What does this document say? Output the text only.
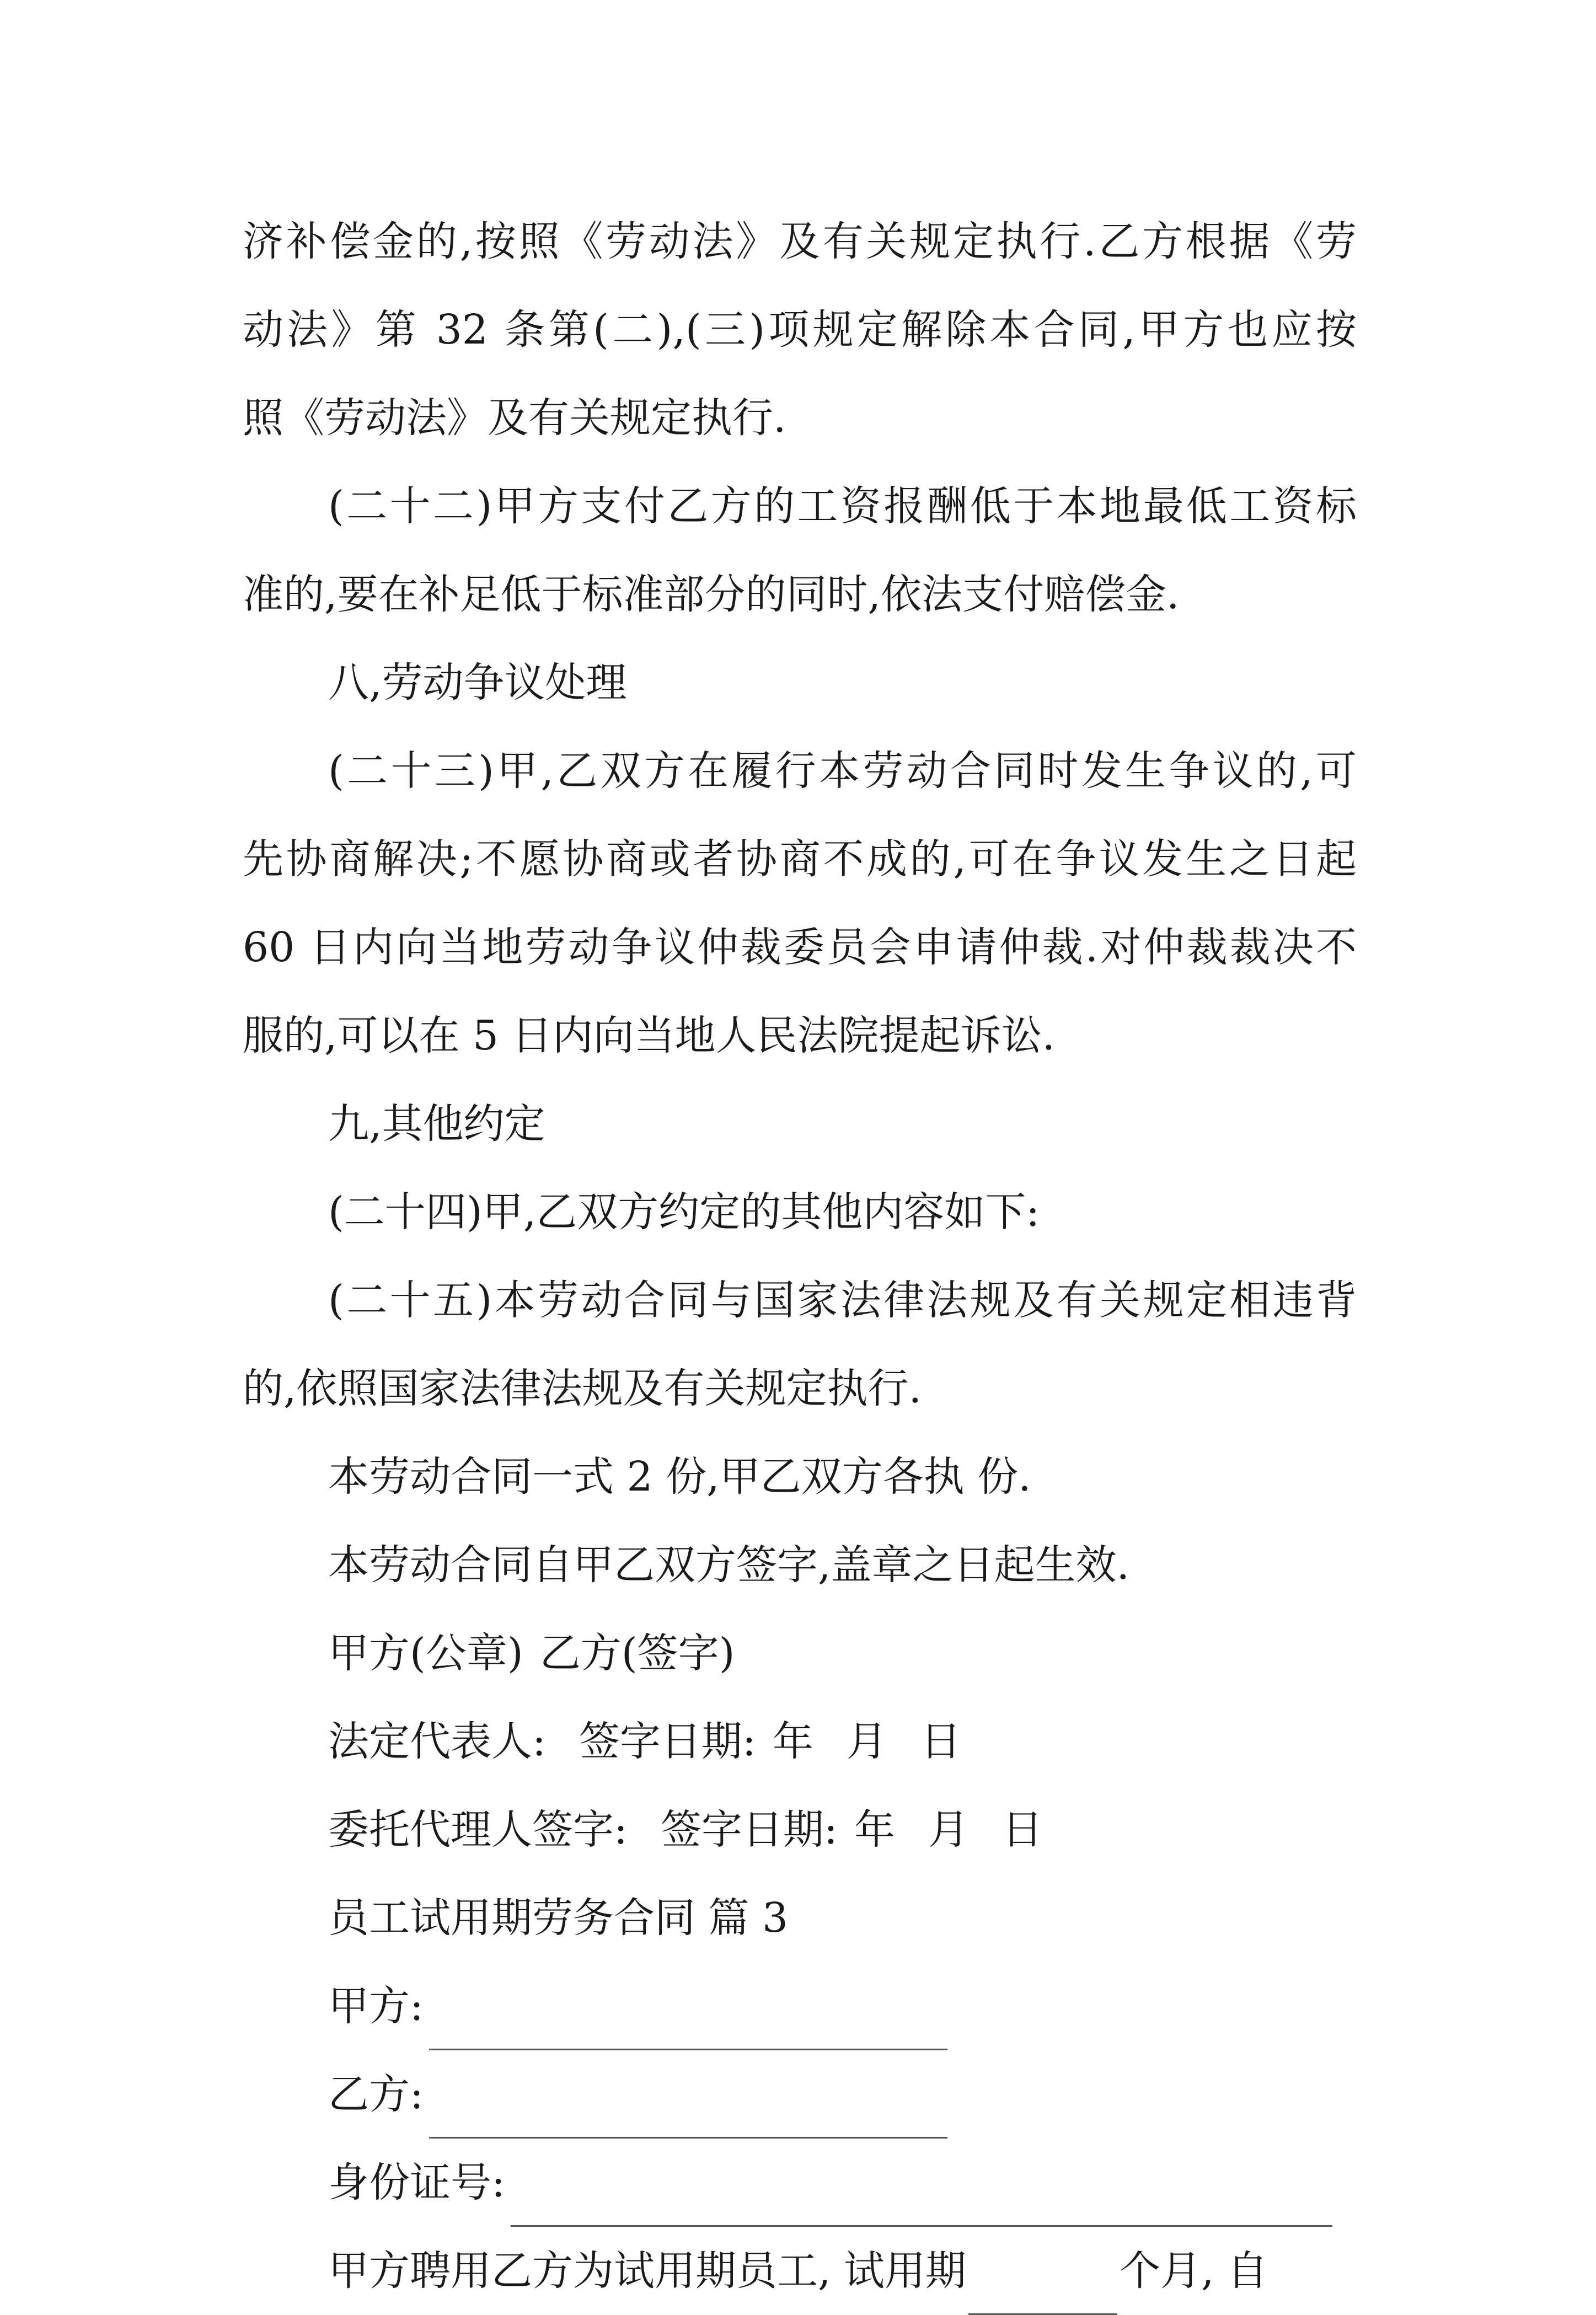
济补偿金的,按照《劳动法》及有关规定执行.乙方根据《劳
动法》第 32 条第(二),(三)项规定解除本合同,甲方也应按
照《劳动法》及有关规定执行.
(二十二)甲方支付乙方的工资报酬低于本地最低工资标
准的,要在补足低于标准部分的同时,依法支付赔偿金.
八,劳动争议处理
(二十三)甲,乙双方在履行本劳动合同时发生争议的,可
先协商解决;不愿协商或者协商不成的,可在争议发生之日起
60 日内向当地劳动争议仲裁委员会申请仲裁.对仲裁裁决不
服的,可以在 5 日内向当地人民法院提起诉讼.
九,其他约定
(二十四)甲,乙双方约定的其他内容如下:
(二十五)本劳动合同与国家法律法规及有关规定相违背
的,依照国家法律法规及有关规定执行.
本劳动合同一式 2 份,甲乙双方各执 份.
本劳动合同自甲乙双方签字,盖章之日起生效.
甲方(公章) 乙方(签字)
法定代表人: 签字日期: 年 月 日
委托代理人签字: 签字日期: 年 月 日
员工试用期劳务合同 篇 3
甲方:
乙方:
身份证号:
甲方聘用乙方为试用期员工, 试用期	个月, 自
